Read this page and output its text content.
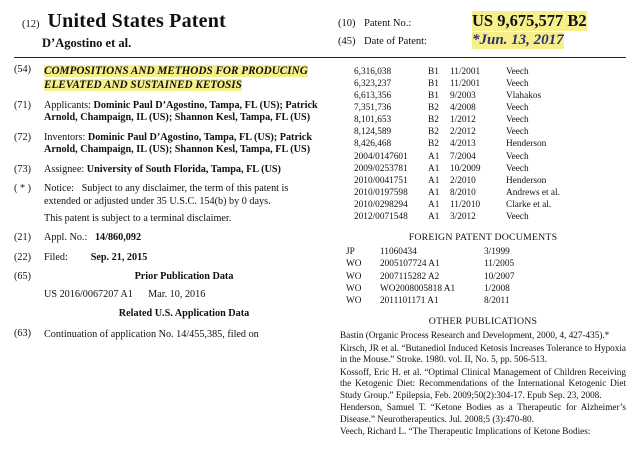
(12) United States Patent
D’Agostino et al.
(10) Patent No.:	US 9,675,577 B2
(45) Date of Patent:	*Jun. 13, 2017
(54)	COMPOSITIONS AND METHODS FOR PRODUCING ELEVATED AND SUSTAINED KETOSIS
(71)	Applicants: Dominic Paul D’Agostino, Tampa, FL (US); Patrick Arnold, Champaign, IL (US); Shannon Kesl, Tampa, FL (US)
(72)	Inventors: Dominic Paul D’Agostino, Tampa, FL (US); Patrick Arnold, Champaign, IL (US); Shannon Kesl, Tampa, FL (US)
(73)	Assignee: University of South Florida, Tampa, FL (US)
( * )	Notice: Subject to any disclaimer, the term of this patent is extended or adjusted under 35 U.S.C. 154(b) by 0 days.
This patent is subject to a terminal disclaimer.
(21)	Appl. No.: 14/860,092
(22)	Filed: Sep. 21, 2015
(65)	Prior Publication Data
US 2016/0067207 A1 Mar. 10, 2016
Related U.S. Application Data
(63)	Continuation of application No. 14/455,385, filed on
6,316,038	B1	11/2001	Veech
6,323,237	B1	11/2001	Veech
6,613,356	B1	9/2003	Vlahakos
7,351,736	B2	4/2008	Veech
8,101,653	B2	1/2012	Veech
8,124,589	B2	2/2012	Veech
8,426,468	B2	4/2013	Henderson
2004/0147601	A1	7/2004	Veech
2009/0253781	A1	10/2009	Veech
2010/0041751	A1	2/2010	Henderson
2010/0197598	A1	8/2010	Andrews et al.
2010/0298294	A1	11/2010	Clarke et al.
2012/0071548	A1	3/2012	Veech
FOREIGN PATENT DOCUMENTS
JP	11060434	3/1999
WO	2005107724 A1	11/2005
WO	2007115282 A2	10/2007
WO	WO2008005818 A1	1/2008
WO	2011101171 A1	8/2011
OTHER PUBLICATIONS

Bastin (Organic Process Research and Development, 2000, 4, 427-435).*

Kirsch, JR et al. “Butanediol Induced Ketosis Increases Tolerance to Hypoxia in the Mouse.” Stroke. 1980. vol. II, No. 5, pp. 506-513.

Kossoff, Eric H. et al. “Optimal Clinical Management of Children Receiving the Ketogenic Diet: Recommendations of the International Ketogenic Diet Study Group.” Epilepsia, Feb. 2009;50(2):304-17. Epub Sep. 23, 2008.

Henderson, Samuel T. “Ketone Bodies as a Therapeutic for Alzheimer’s Disease.” Neurotherapeutics. Jul. 2008;5 (3):470-80.

Veech, Richard L. “The Therapeutic Implications of Ketone Bodies:
